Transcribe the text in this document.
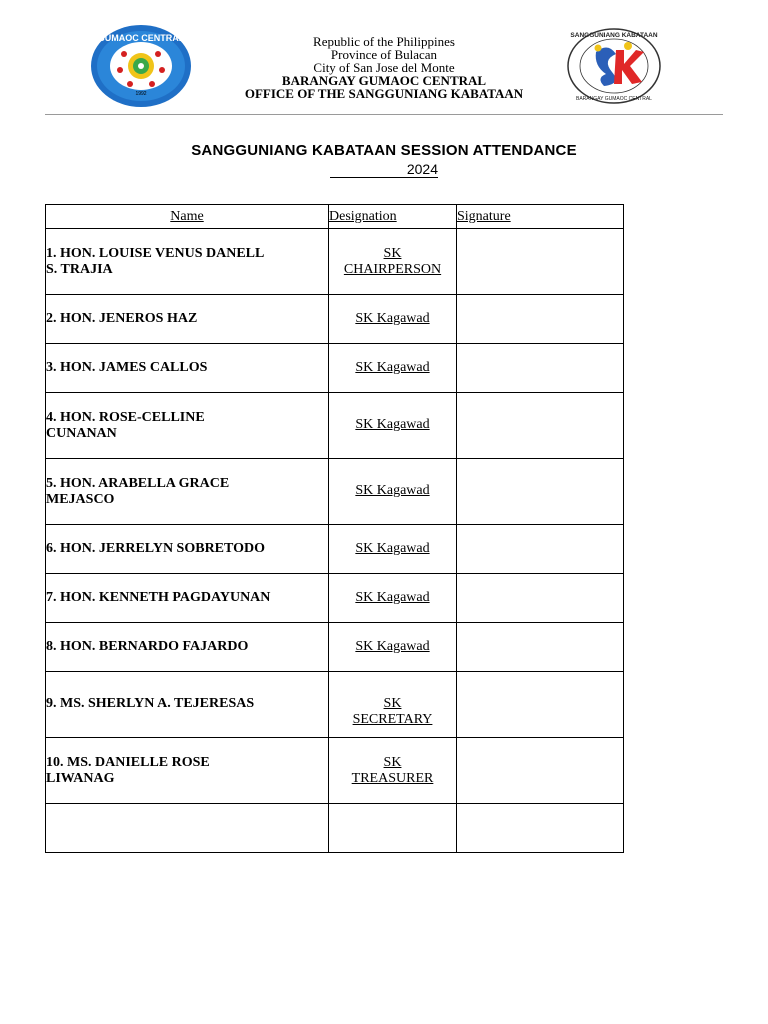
GUMAOC CENTRAL
1992
Republic of the Philippines
Province of Bulacan
City of San Jose del Monte
BARANGAY GUMAOC CENTRAL
OFFICE OF THE SANGGUNIANG KABATAAN
SANGGUNIANG KABATAAN
BARANGAY GUMAOC CENTRAL
SANGGUNIANG KABATAAN SESSION ATTENDANCE
2024
Name	Designation	Signature
1. HON. LOUISE VENUS DANELL
S. TRAJIA	SK
CHAIRPERSON	
2. HON. JENEROS HAZ	SK Kagawad	
3. HON. JAMES CALLOS	SK Kagawad	
4. HON. ROSE-CELLINE
CUNANAN	SK Kagawad	
5. HON. ARABELLA GRACE
MEJASCO	SK Kagawad	
6. HON. JERRELYN SOBRETODO	SK Kagawad	
7. HON. KENNETH PAGDAYUNAN	SK Kagawad	
8. HON. BERNARDO FAJARDO	SK Kagawad	
9. MS. SHERLYN A. TEJERESAS	SK
SECRETARY	
10. MS. DANIELLE ROSE
LIWANAG	SK
TREASURER	
